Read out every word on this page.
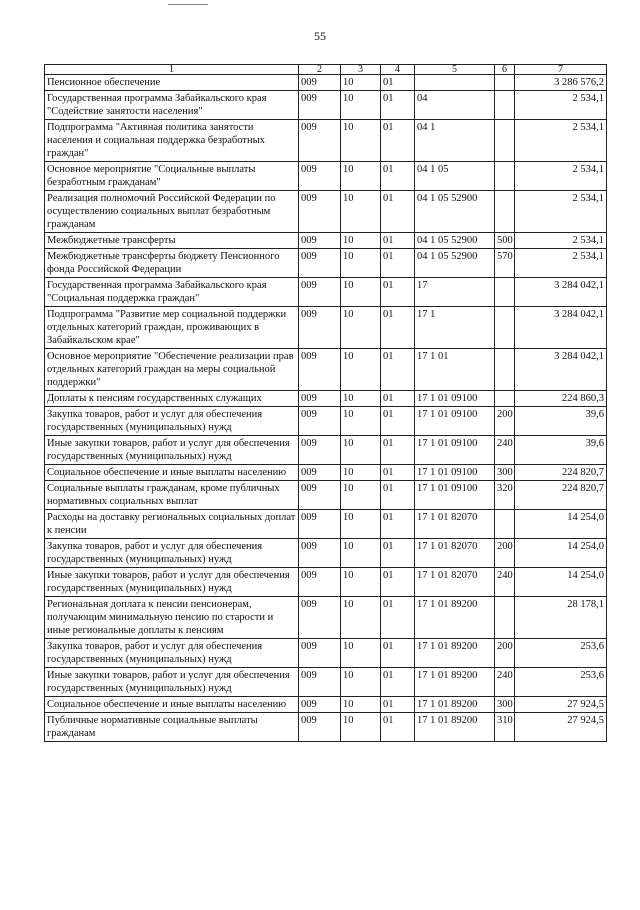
55
1	2	3	4	5	6	7
Пенсионное обеспечение	009	10	01			3 286 576,2
Государственная программа Забайкальского края "Содействие занятости населения"	009	10	01	04		2 534,1
Подпрограмма "Активная политика занятости населения и социальная поддержка безработных граждан"	009	10	01	04 1		2 534,1
Основное мероприятие "Социальные выплаты безработным гражданам"	009	10	01	04 1 05		2 534,1
Реализация полномочий Российской Федерации по осуществлению социальных выплат безработным гражданам	009	10	01	04 1 05 52900		2 534,1
Межбюджетные трансферты	009	10	01	04 1 05 52900	500	2 534,1
Межбюджетные трансферты бюджету Пенсионного фонда Российской Федерации	009	10	01	04 1 05 52900	570	2 534,1
Государственная программа Забайкальского края "Социальная поддержка граждан"	009	10	01	17		3 284 042,1
Подпрограмма "Развитие мер социальной поддержки отдельных категорий граждан, проживающих в Забайкальском крае"	009	10	01	17 1		3 284 042,1
Основное мероприятие "Обеспечение реализации прав отдельных категорий граждан на меры социальной поддержки"	009	10	01	17 1 01		3 284 042,1
Доплаты к пенсиям государственных служащих	009	10	01	17 1 01 09100		224 860,3
Закупка товаров, работ и услуг для обеспечения государственных (муниципальных) нужд	009	10	01	17 1 01 09100	200	39,6
Иные закупки товаров, работ и услуг для обеспечения государственных (муниципальных) нужд	009	10	01	17 1 01 09100	240	39,6
Социальное обеспечение и иные выплаты населению	009	10	01	17 1 01 09100	300	224 820,7
Социальные выплаты гражданам, кроме публичных нормативных социальных выплат	009	10	01	17 1 01 09100	320	224 820,7
Расходы на доставку региональных социальных доплат к пенсии	009	10	01	17 1 01 82070		14 254,0
Закупка товаров, работ и услуг для обеспечения государственных (муниципальных) нужд	009	10	01	17 1 01 82070	200	14 254,0
Иные закупки товаров, работ и услуг для обеспечения государственных (муниципальных) нужд	009	10	01	17 1 01 82070	240	14 254,0
Региональная доплата к пенсии пенсионерам, получающим минимальную пенсию по старости и иные региональные доплаты к пенсиям	009	10	01	17 1 01 89200		28 178,1
Закупка товаров, работ и услуг для обеспечения государственных (муниципальных) нужд	009	10	01	17 1 01 89200	200	253,6
Иные закупки товаров, работ и услуг для обеспечения государственных (муниципальных) нужд	009	10	01	17 1 01 89200	240	253,6
Социальное обеспечение и иные выплаты населению	009	10	01	17 1 01 89200	300	27 924,5
Публичные нормативные социальные выплаты гражданам	009	10	01	17 1 01 89200	310	27 924,5
